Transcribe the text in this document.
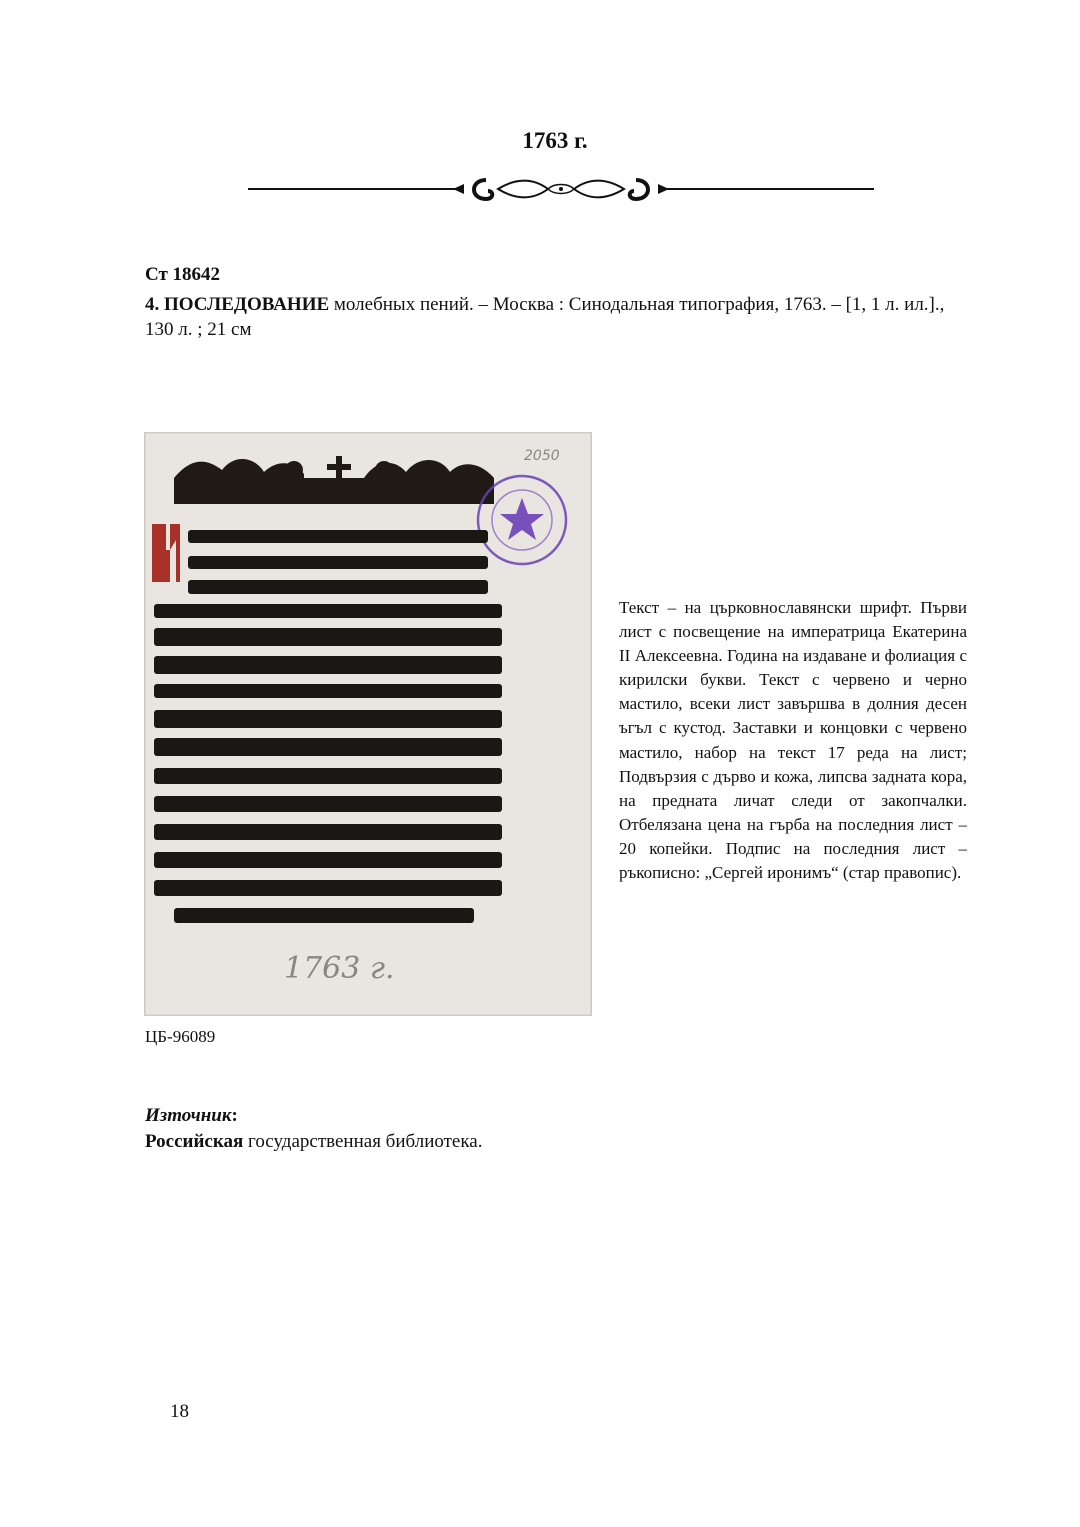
1763 г.
Ст 18642
4. ПОСЛЕДОВАНИЕ молебных пений. – Москва : Синодальная типография, 1763. – [1, 1 л. ил.]., 130 л. ; 21 см
2050
1763 г.
Текст – на църковнославянски шрифт. Първи лист с посвещение на императрица Екатерина II Алексеевна. Година на издаване и фолиация с кирилски букви. Текст с червено и черно мастило, всеки лист завършва в долния десен ъгъл с кустод. Заставки и концовки с червено мастило, набор на текст 17 реда на лист; Подвързия с дърво и кожа, липсва задната кора, на предната личат следи от закопчалки. Отбелязана цена на гърба на последния лист – 20 копейки. Подпис на последния лист – ръкописно: „Сергей иронимъ“ (стар правопис).
ЦБ-96089
Източник:
Российская государственная библиотека.
18
